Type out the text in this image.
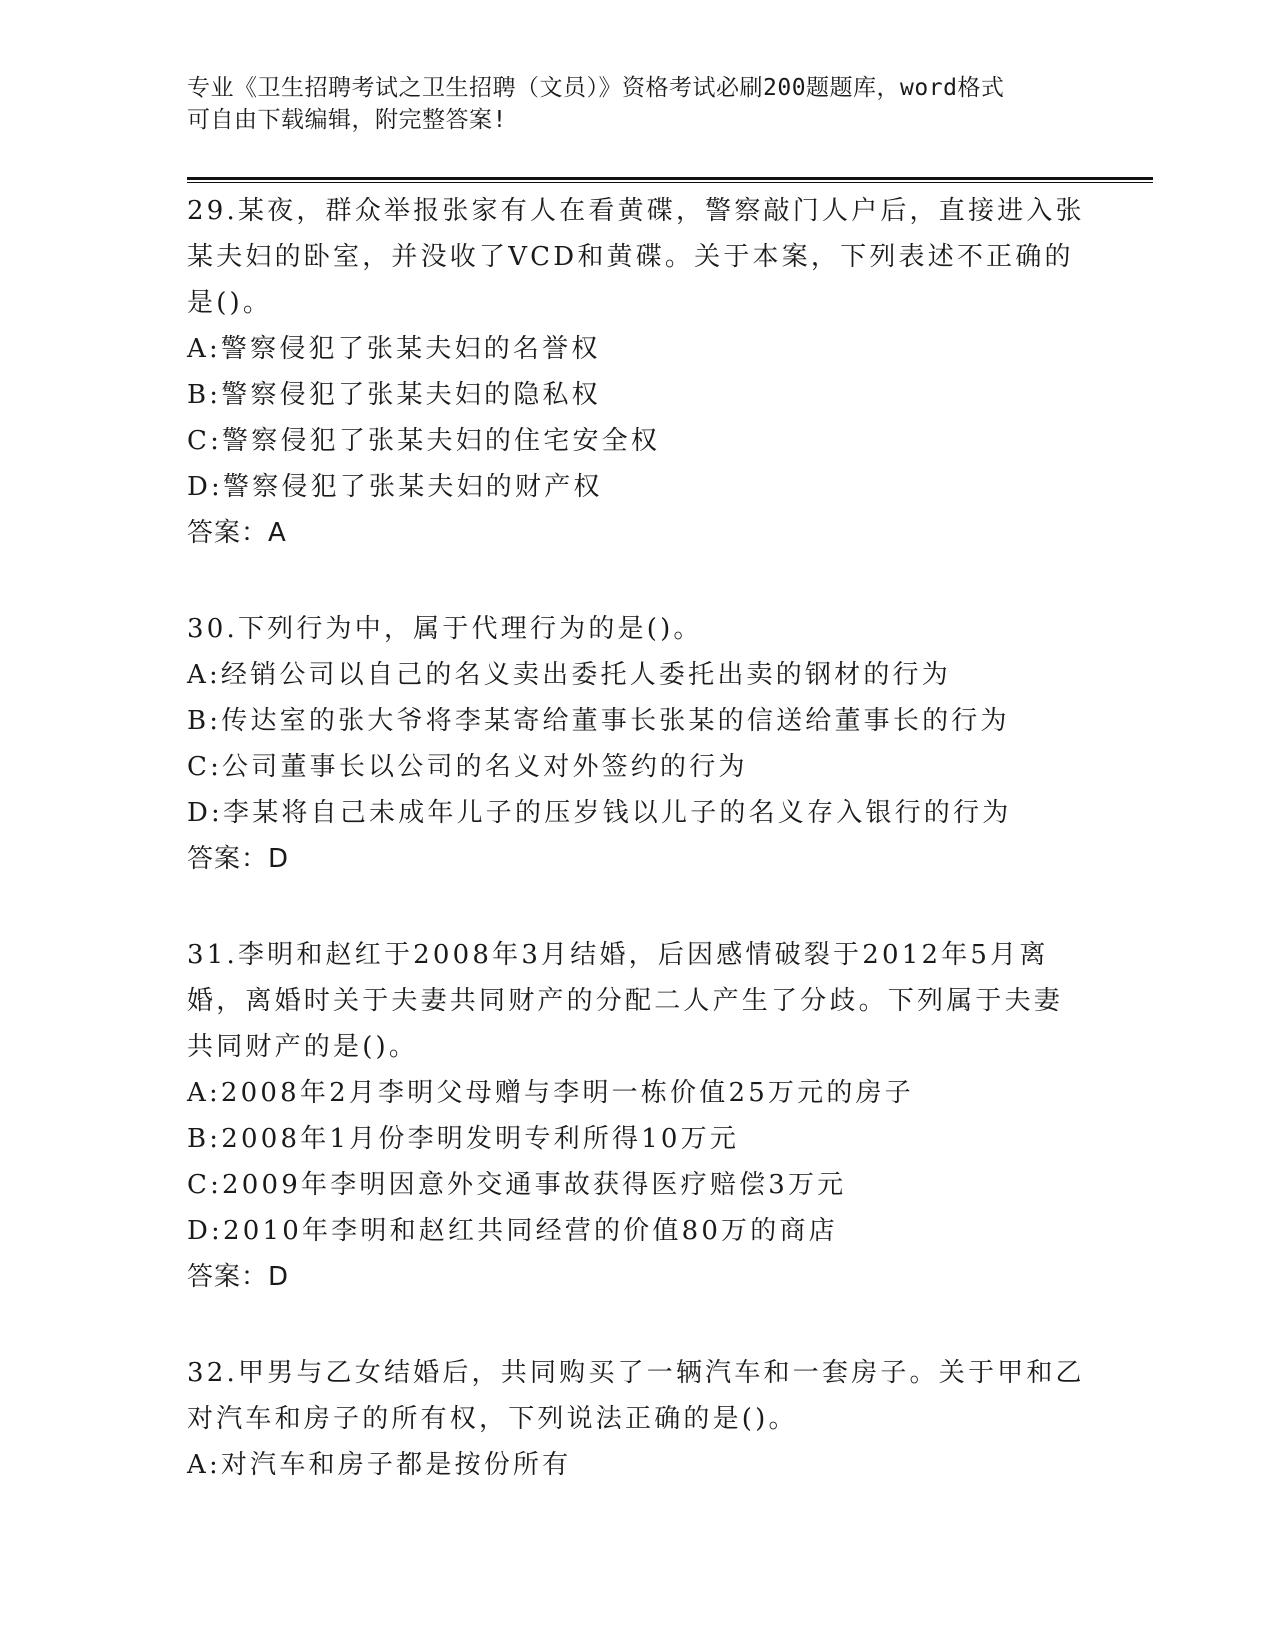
专业《卫生招聘考试之卫生招聘（文员）》资格考试必刷200题题库，word格式
可自由下载编辑，附完整答案!
29.某夜，群众举报张家有人在看黄碟，警察敲门人户后，直接进入张某夫妇的卧室，并没收了VCD和黄碟。关于本案，下列表述不正确的是()。
A:警察侵犯了张某夫妇的名誉权
B:警察侵犯了张某夫妇的隐私权
C:警察侵犯了张某夫妇的住宅安全权
D:警察侵犯了张某夫妇的财产权
答案：A
30.下列行为中，属于代理行为的是()。
A:经销公司以自己的名义卖出委托人委托出卖的钢材的行为
B:传达室的张大爷将李某寄给董事长张某的信送给董事长的行为
C:公司董事长以公司的名义对外签约的行为
D:李某将自己未成年儿子的压岁钱以儿子的名义存入银行的行为
答案：D
31.李明和赵红于2008年3月结婚，后因感情破裂于2012年5月离婚，离婚时关于夫妻共同财产的分配二人产生了分歧。下列属于夫妻共同财产的是()。
A:2008年2月李明父母赠与李明一栋价值25万元的房子
B:2008年1月份李明发明专利所得10万元
C:2009年李明因意外交通事故获得医疗赔偿3万元
D:2010年李明和赵红共同经营的价值80万的商店
答案：D
32.甲男与乙女结婚后，共同购买了一辆汽车和一套房子。关于甲和乙对汽车和房子的所有权，下列说法正确的是()。
A:对汽车和房子都是按份所有
